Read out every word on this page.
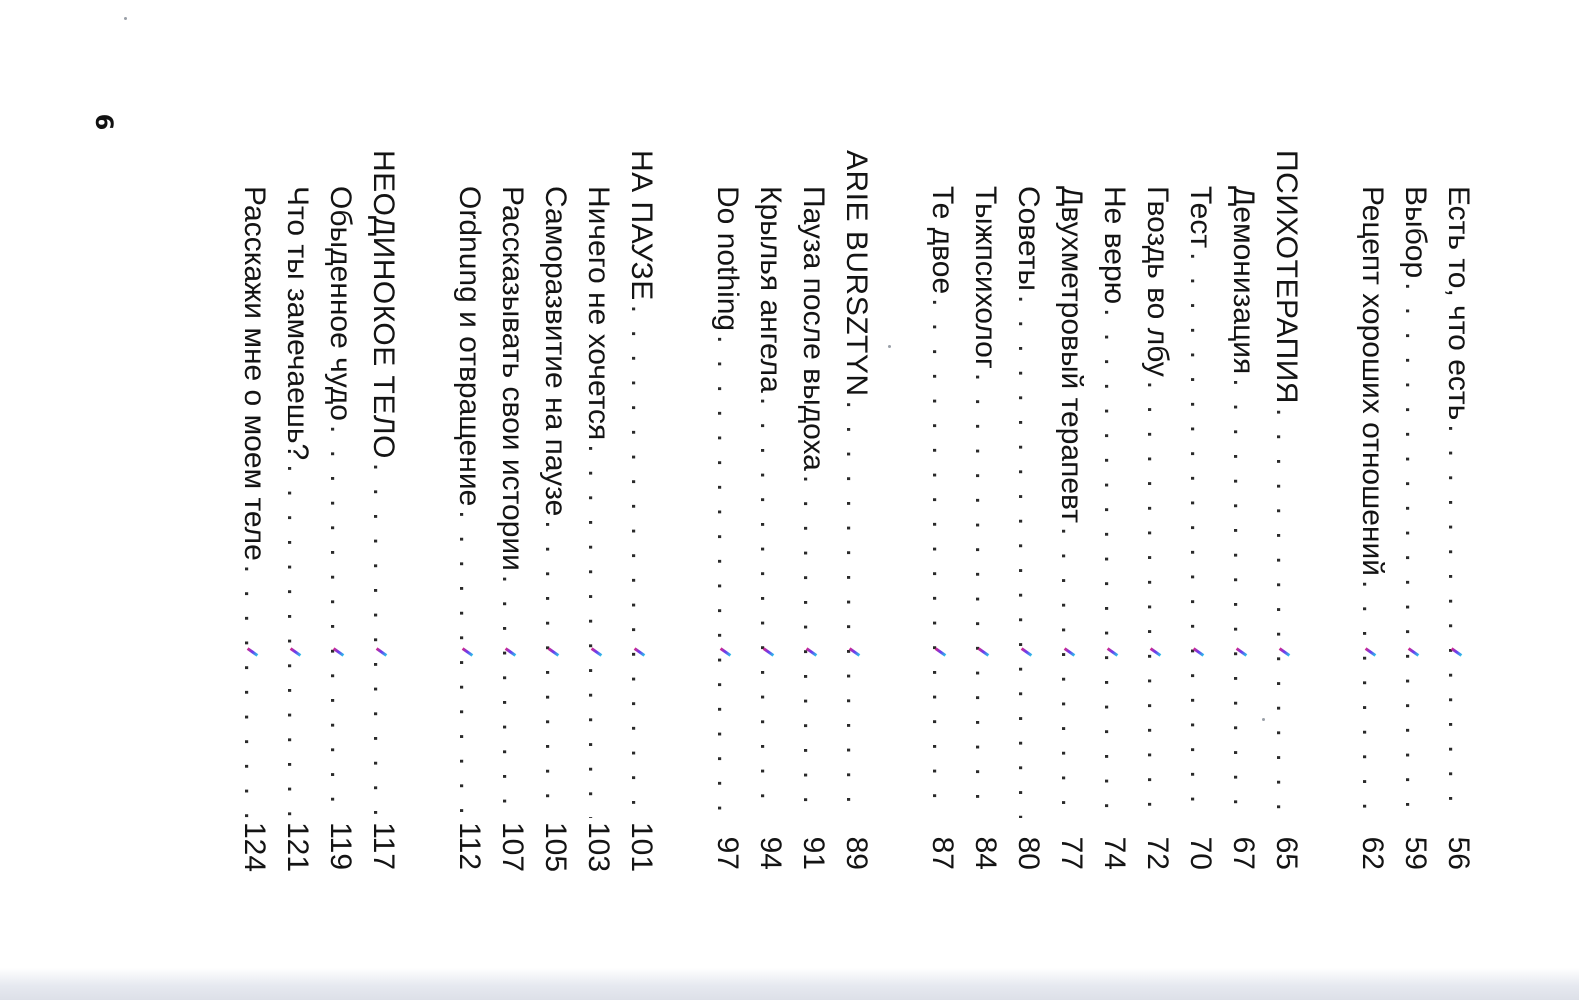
6
Есть то, что есть
. . .
56
Выбор
. . .
59
Рецепт хороших отношений
. . .
62
ПСИХОТЕРАПИЯ
. . .
65
Демонизация
. . .
67
Тест
. . .
70
Гвоздь во лбу
. . .
72
Не верю
. . .
74
Двухметровый терапевт
. . .
77
Советы
. . .
80
Тыжпсихолог
. . .
84
Те двое
. . .
87
ARIE BURSZTYN
. . .
89
Пауза после выдоха
. . .
91
Крылья ангела
. . .
94
Do nothing
. . .
97
НА ПАУЗЕ
. . .
101
Ничего не хочется
. . .
103
Саморазвитие на паузе
. . .
105
Рассказывать свои истории
. . .
107
Ordnung и отвращение
. . .
112
НЕОДИНОКОЕ ТЕЛО
. . .
117
Обыденное чудо
. . .
119
Что ты замечаешь?
. . .
121
Расскажи мне о моем теле
. . .
124
